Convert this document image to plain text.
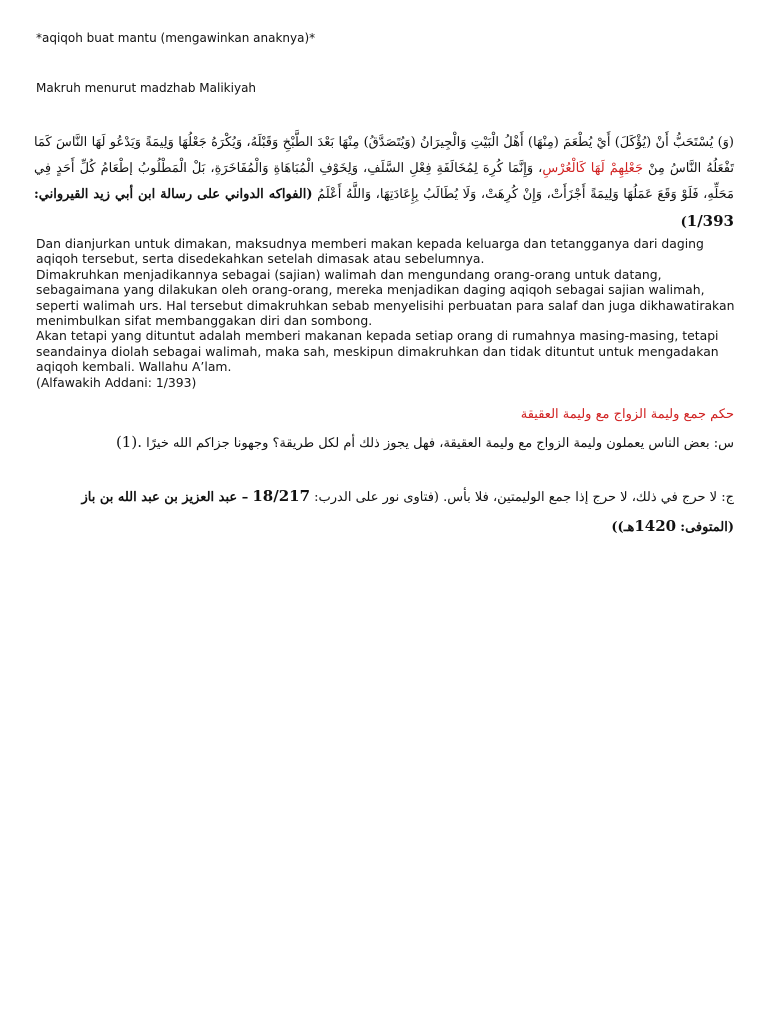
*aqiqoh buat mantu (mengawinkan anaknya)*
Makruh menurut madzhab Malikiyah
(وَ) يُسْتَحَبُّ أَنْ (يُؤْكَلَ) أَيْ يُطْعَمَ (مِنْهَا) أَهْلُ الْبَيْتِ وَالْجِيرَانُ (وَيُتَصَدَّقُ) مِنْهَا بَعْدَ الطَّبْخِ وَقَبْلَهُ، وَيُكْرَهُ جَعْلُهَا وَلِيمَةً وَيَدْعُو لَهَا النَّاسَ كَمَا تَفْعَلُهُ النَّاسُ مِنْ جَعْلِهِمْ لَهَا كَالْعُرْسِ، وَإِنَّمَا كُرِهَ لِمُخَالَفَةِ فِعْلِ السَّلَفِ، وَلِخَوْفِ الْمُبَاهَاةِ وَالْمُفَاخَرَةِ، بَلْ الْمَطْلُوبُ إطْعَامُ كُلِّ أَحَدٍ فِي مَحَلِّهِ، فَلَوْ وَقَعَ عَمَلُهَا وَلِيمَةً أَجْزَأَتْ، وَإِنْ كُرِهَتْ، وَلَا يُطَالَبُ بِإِعَادَتِهَا، وَاللَّهُ أَعْلَمُ (الفواكه الدواني على رسالة ابن أبي زيد القيرواني: 1/393)

Dan dianjurkan untuk dimakan, maksudnya memberi makan kepada keluarga dan tetangganya dari daging aqiqoh tersebut, serta disedekahkan setelah dimasak atau sebelumnya.

Dimakruhkan menjadikannya sebagai (sajian) walimah dan mengundang orang-orang untuk datang, sebagaimana yang dilakukan oleh orang-orang, mereka menjadikan daging aqiqoh sebagai sajian walimah, seperti walimah urs. Hal tersebut dimakruhkan sebab menyelisihi perbuatan para salaf dan juga dikhawatirakan menimbulkan sifat membanggakan diri dan sombong.

Akan tetapi yang dituntut adalah memberi makanan kepada setiap orang di rumahnya masing-masing, tetapi seandainya diolah sebagai walimah, maka sah, meskipun dimakruhkan dan tidak dituntut untuk mengadakan aqiqoh kembali. Wallahu A’lam.

(Alfawakih Addani: 1/393)

حكم جمع وليمة الزواج مع وليمة العقيقة
س: بعض الناس يعملون وليمة الزواج مع وليمة العقيقة، فهل يجوز ذلك أم لكل طريقة؟ وجهونا جزاكم الله خيرًا (1).
ج: لا حرج في ذلك، لا حرج إذا جمع الوليمتين، فلا بأس. (فتاوى نور على الدرب: 18/217 – عبد العزيز بن عبد الله بن باز (المتوفى: 1420هـ))
